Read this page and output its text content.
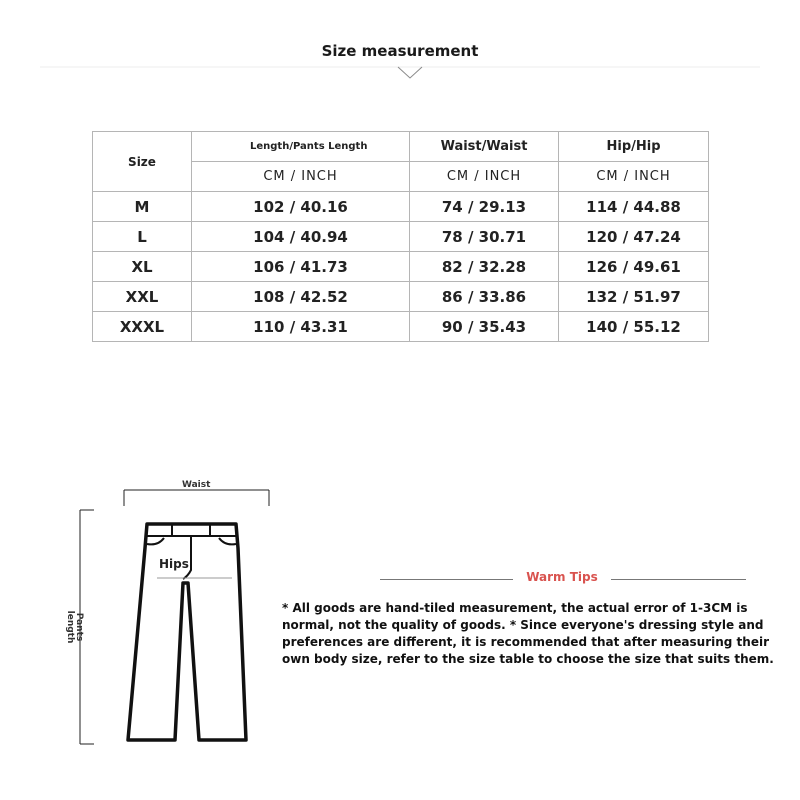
Size measurement
Size	Length/Pants Length	Waist/Waist	Hip/Hip
	CM / INCH	CM / INCH	CM / INCH
M	102 / 40.16	74 / 29.13	114 / 44.88
L	104 / 40.94	78 / 30.71	120 / 47.24
XL	106 / 41.73	82 / 32.28	126 / 49.61
XXL	108 / 42.52	86 / 33.86	132 / 51.97
XXXL	110 / 43.31	90 / 35.43	140 / 55.12
Waist
Hips
Pants length
Warm Tips
* All goods are hand-tiled measurement, the actual error of 1-3CM is normal, not the quality of goods. * Since everyone's dressing style and preferences are different, it is recommended that after measuring their own body size, refer to the size table to choose the size that suits them.
